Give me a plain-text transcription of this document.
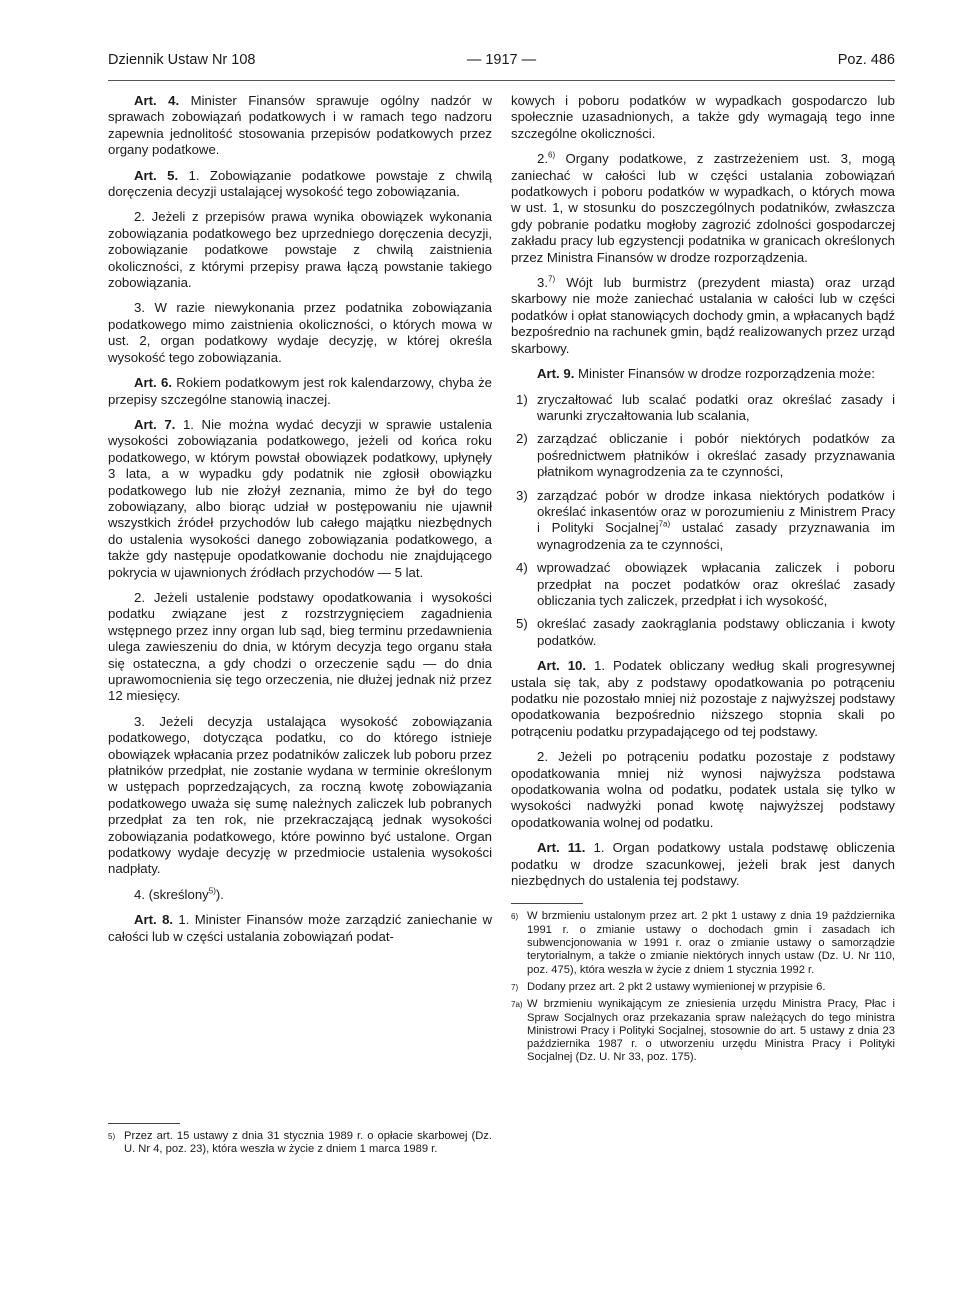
Dziennik Ustaw Nr 108	— 1917 —	Poz. 486

Art. 4. Minister Finansów sprawuje ogólny nadzór w sprawach zobowiązań podatkowych i w ramach tego nadzoru zapewnia jednolitość stosowania przepisów podatkowych przez organy podatkowe.

Art. 5. 1. Zobowiązanie podatkowe powstaje z chwilą doręczenia decyzji ustalającej wysokość tego zobowiązania.

2. Jeżeli z przepisów prawa wynika obowiązek wykonania zobowiązania podatkowego bez uprzedniego doręczenia decyzji, zobowiązanie podatkowe powstaje z chwilą zaistnienia okoliczności, z którymi przepisy prawa łączą powstanie takiego zobowiązania.

3. W razie niewykonania przez podatnika zobowiązania podatkowego mimo zaistnienia okoliczności, o których mowa w ust. 2, organ podatkowy wydaje decyzję, w której określa wysokość tego zobowiązania.

Art. 6. Rokiem podatkowym jest rok kalendarzowy, chyba że przepisy szczególne stanowią inaczej.

Art. 7. 1. Nie można wydać decyzji w sprawie ustalenia wysokości zobowiązania podatkowego, jeżeli od końca roku podatkowego, w którym powstał obowiązek podatkowy, upłynęły 3 lata, a w wypadku gdy podatnik nie zgłosił obowiązku podatkowego lub nie złożył zeznania, mimo że był do tego zobowiązany, albo biorąc udział w postępowaniu nie ujawnił wszystkich źródeł przychodów lub całego majątku niezbędnych do ustalenia wysokości danego zobowiązania podatkowego, a także gdy następuje opodatkowanie dochodu nie znajdującego pokrycia w ujawnionych źródłach przychodów — 5 lat.

2. Jeżeli ustalenie podstawy opodatkowania i wysokości podatku związane jest z rozstrzygnięciem zagadnienia wstępnego przez inny organ lub sąd, bieg terminu przedawnienia ulega zawieszeniu do dnia, w którym decyzja tego organu stała się ostateczna, a gdy chodzi o orzeczenie sądu — do dnia uprawomocnienia się tego orzeczenia, nie dłużej jednak niż przez 12 miesięcy.

3. Jeżeli decyzja ustalająca wysokość zobowiązania podatkowego, dotycząca podatku, co do którego istnieje obowiązek wpłacania przez podatników zaliczek lub poboru przez płatników przedpłat, nie zostanie wydana w terminie określonym w ustępach poprzedzających, za roczną kwotę zobowiązania podatkowego uważa się sumę należnych zaliczek lub pobranych przedpłat za ten rok, nie przekraczającą jednak wysokości zobowiązania podatkowego, które powinno być ustalone. Organ podatkowy wydaje decyzję w przedmiocie ustalenia wysokości nadpłaty.

4. (skreślony$^{5)}$).

Art. 8. 1. Minister Finansów może zarządzić zaniechanie w całości lub w części ustalania zobowiązań podat-

5) Przez art. 15 ustawy z dnia 31 stycznia 1989 r. o opłacie skarbowej (Dz. U. Nr 4, poz. 23), która weszła w życie z dniem 1 marca 1989 r.

kowych i poboru podatków w wypadkach gospodarczo lub społecznie uzasadnionych, a także gdy wymagają tego inne szczególne okoliczności.

2.$^{6)}$ Organy podatkowe, z zastrzeżeniem ust. 3, mogą zaniechać w całości lub w części ustalania zobowiązań podatkowych i poboru podatków w wypadkach, o których mowa w ust. 1, w stosunku do poszczególnych podatników, zwłaszcza gdy pobranie podatku mogłoby zagrozić zdolności gospodarczej zakładu pracy lub egzystencji podatnika w granicach określonych przez Ministra Finansów w drodze rozporządzenia.

3.$^{7)}$ Wójt lub burmistrz (prezydent miasta) oraz urząd skarbowy nie może zaniechać ustalania w całości lub w części podatków i opłat stanowiących dochody gmin, a wpłacanych bądź bezpośrednio na rachunek gmin, bądź realizowanych przez urząd skarbowy.

Art. 9. Minister Finansów w drodze rozporządzenia może:

1) zryczałtować lub scalać podatki oraz określać zasady i warunki zryczałtowania lub scalania,
2) zarządzać obliczanie i pobór niektórych podatków za pośrednictwem płatników i określać zasady przyznawania płatnikom wynagrodzenia za te czynności,
3) zarządzać pobór w drodze inkasa niektórych podatków i określać inkasentów oraz w porozumieniu z Ministrem Pracy i Polityki Socjalnej$^{7a)}$ ustalać zasady przyznawania im wynagrodzenia za te czynności,
4) wprowadzać obowiązek wpłacania zaliczek i poboru przedpłat na poczet podatków oraz określać zasady obliczania tych zaliczek, przedpłat i ich wysokość,
5) określać zasady zaokrąglania podstawy obliczania i kwoty podatków.

Art. 10. 1. Podatek obliczany według skali progresywnej ustala się tak, aby z podstawy opodatkowania po potrąceniu podatku nie pozostało mniej niż pozostaje z najwyższej podstawy opodatkowania bezpośrednio niższego stopnia skali po potrąceniu podatku przypadającego od tej podstawy.

2. Jeżeli po potrąceniu podatku pozostaje z podstawy opodatkowania mniej niż wynosi najwyższa podstawa opodatkowania wolna od podatku, podatek ustala się tylko w wysokości nadwyżki ponad kwotę najwyższej podstawy opodatkowania wolnej od podatku.

Art. 11. 1. Organ podatkowy ustala podstawę obliczenia podatku w drodze szacunkowej, jeżeli brak jest danych niezbędnych do ustalenia tej podstawy.

6) W brzmieniu ustalonym przez art. 2 pkt 1 ustawy z dnia 19 października 1991 r. o zmianie ustawy o dochodach gmin i zasadach ich subwencjonowania w 1991 r. oraz o zmianie ustawy o samorządzie terytorialnym, a także o zmianie niektórych innych ustaw (Dz. U. Nr 110, poz. 475), która weszła w życie z dniem 1 stycznia 1992 r.
7) Dodany przez art. 2 pkt 2 ustawy wymienionej w przypisie 6.
7a) W brzmieniu wynikającym ze zniesienia urzędu Ministra Pracy, Płac i Spraw Socjalnych oraz przekazania spraw należących do tego ministra Ministrowi Pracy i Polityki Socjalnej, stosownie do art. 5 ustawy z dnia 23 października 1987 r. o utworzeniu urzędu Ministra Pracy i Polityki Socjalnej (Dz. U. Nr 33, poz. 175).
